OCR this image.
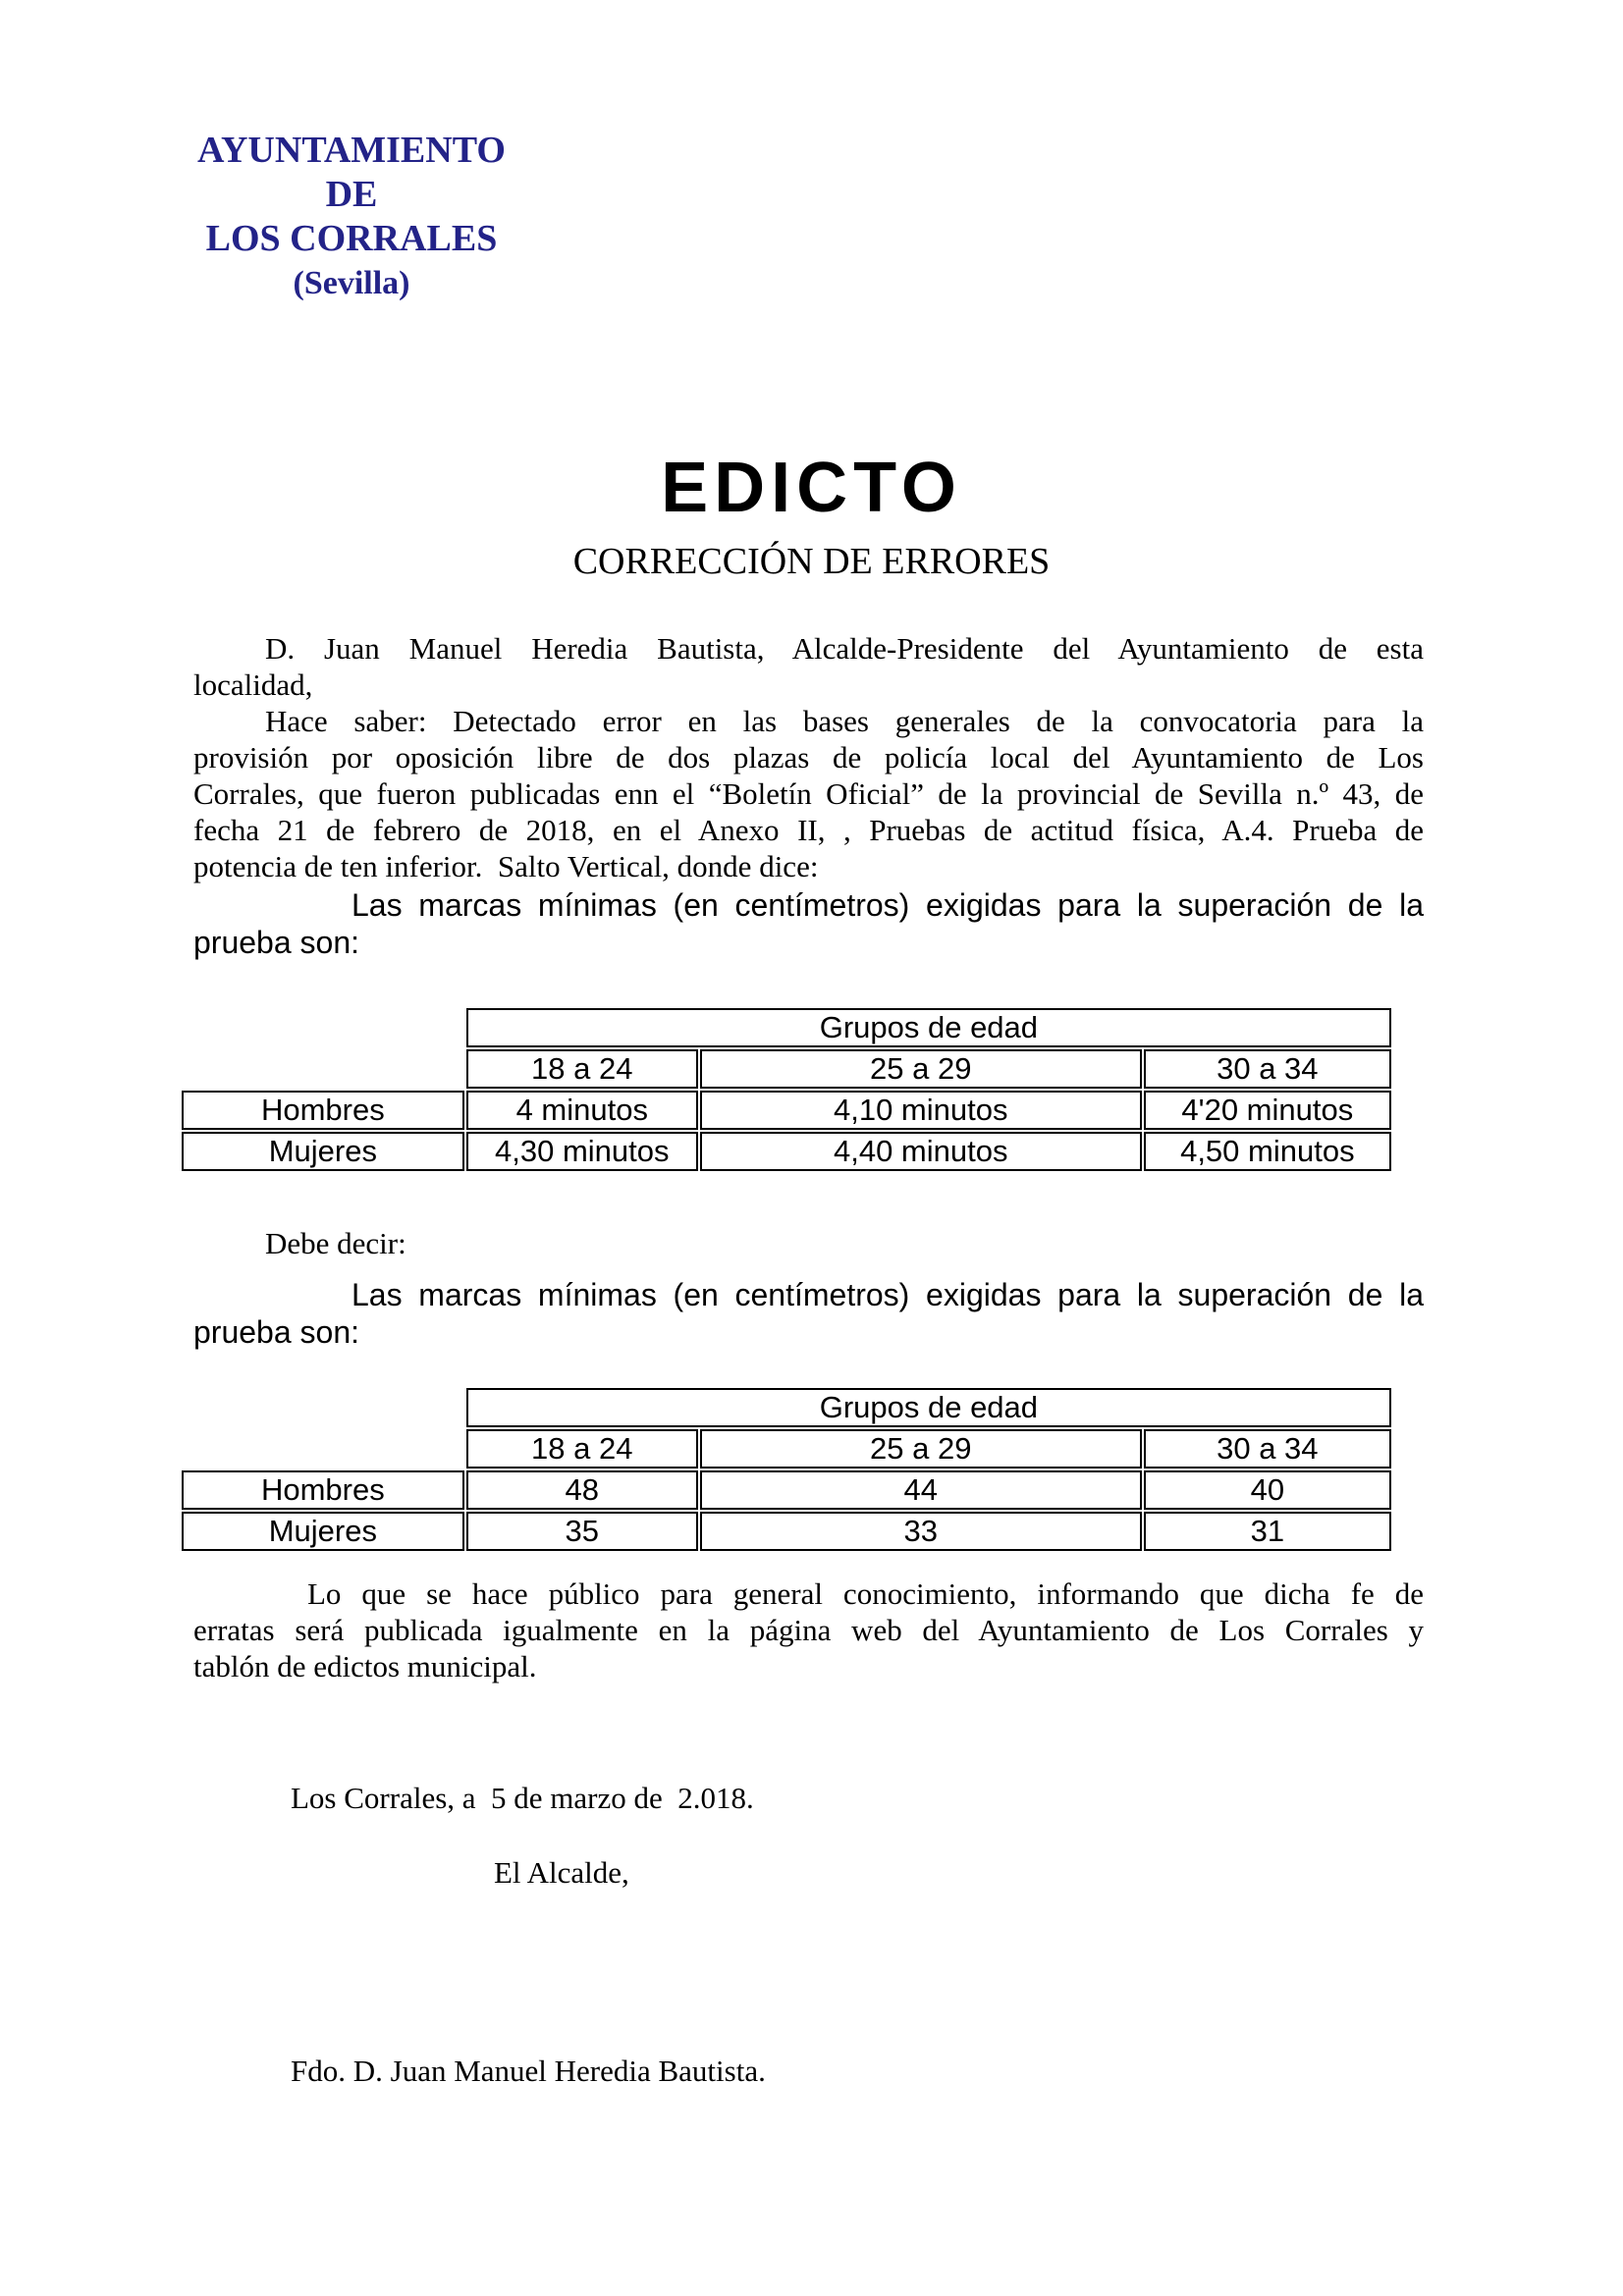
AYUNTAMIENTO
DE
LOS CORRALES
(Sevilla)
EDICTO
CORRECCIÓN DE ERRORES
D. Juan Manuel Heredia Bautista, Alcalde-Presidente del Ayuntamiento de esta
localidad,
Hace saber: Detectado error en las bases generales de la convocatoria para la
provisión por oposición libre de dos plazas de policía local del Ayuntamiento de Los
Corrales, que fueron publicadas enn el “Boletín Oficial” de la provincial de Sevilla n.º 43, de
fecha 21 de febrero de 2018, en el Anexo II, , Pruebas de actitud física, A.4. Prueba de
potencia de ten inferior.  Salto Vertical, donde dice:
Las marcas mínimas (en centímetros) exigidas para la superación de la
prueba son:
	Grupos de edad		
	18 a 24	25 a 29	30 a 34
Hombres	4 minutos	4,10 minutos	4'20 minutos
Mujeres	4,30 minutos	4,40 minutos	4,50 minutos
Debe decir:
Las marcas mínimas (en centímetros) exigidas para la superación de la
prueba son:
	Grupos de edad		
	18 a 24	25 a 29	30 a 34
Hombres	48	44	40
Mujeres	35	33	31
Lo que se hace público para general conocimiento, informando que dicha fe de
erratas será publicada igualmente en la página web del Ayuntamiento de Los Corrales y
tablón de edictos municipal.
Los Corrales, a  5 de marzo de  2.018.
El Alcalde,
Fdo. D. Juan Manuel Heredia Bautista.
